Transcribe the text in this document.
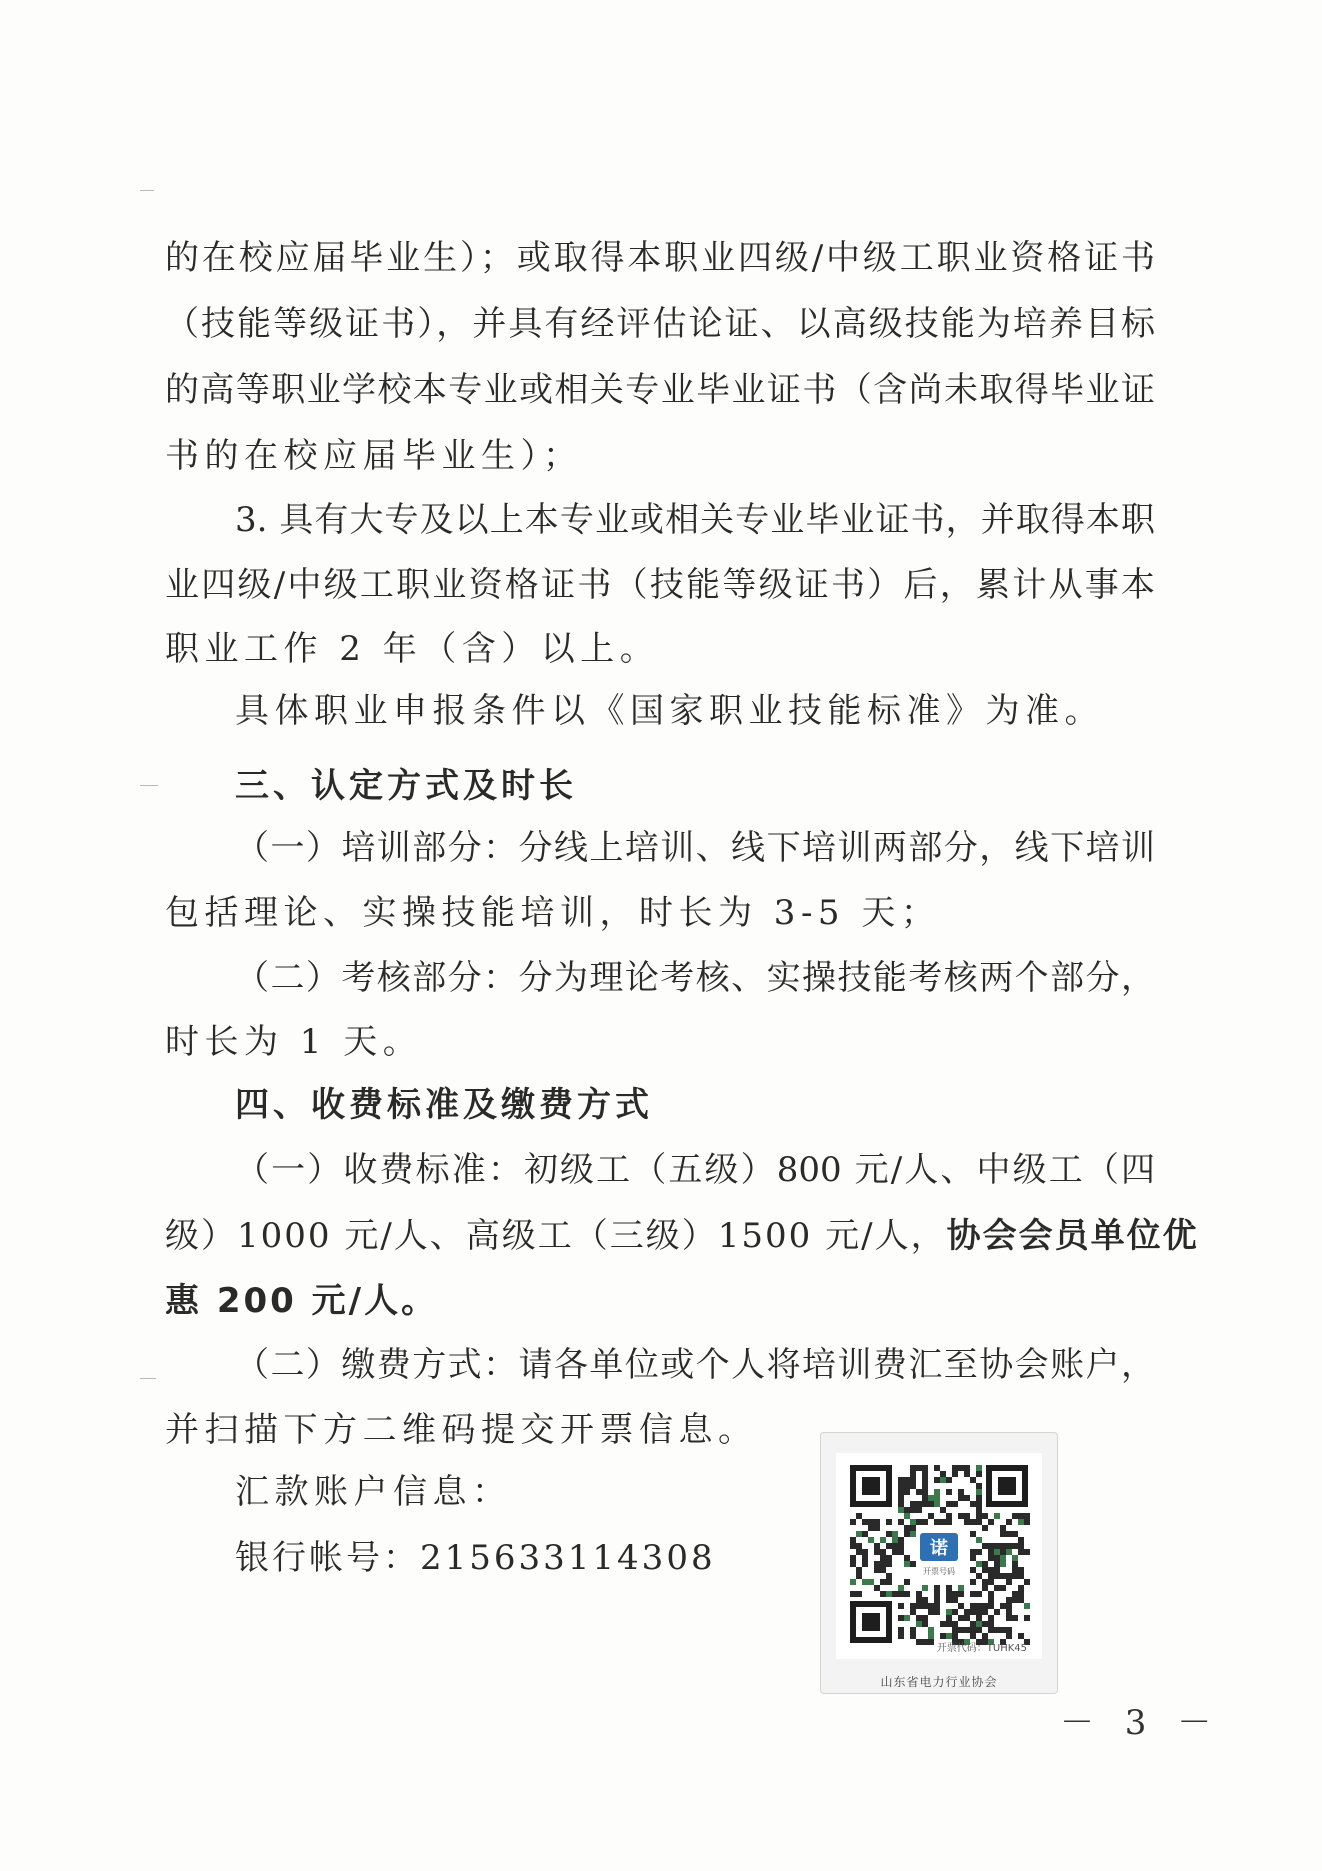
的在校应届毕业生）；或取得本职业四级/中级工职业资格证书
（技能等级证书），并具有经评估论证、以高级技能为培养目标
的高等职业学校本专业或相关专业毕业证书（含尚未取得毕业证
书的在校应届毕业生）；
3. 具有大专及以上本专业或相关专业毕业证书，并取得本职
业四级/中级工职业资格证书（技能等级证书）后，累计从事本
职业工作 2 年（含）以上。
具体职业申报条件以《国家职业技能标准》为准。
三、认定方式及时长
（一）培训部分：分线上培训、线下培训两部分，线下培训
包括理论、实操技能培训，时长为 3-5 天；
（二）考核部分：分为理论考核、实操技能考核两个部分，
时长为 1 天。
四、收费标准及缴费方式
（一）收费标准：初级工（五级）800 元/人、中级工（四
级）1000 元/人、高级工（三级）1500 元/人，协会会员单位优
惠 200 元/人。
（二）缴费方式：请各单位或个人将培训费汇至协会账户，
并扫描下方二维码提交开票信息。
汇款账户信息：
银行帐号：215633114308	诺
开票号码
开票代码：TUHK45
山东省电力行业协会
－ 3 －
